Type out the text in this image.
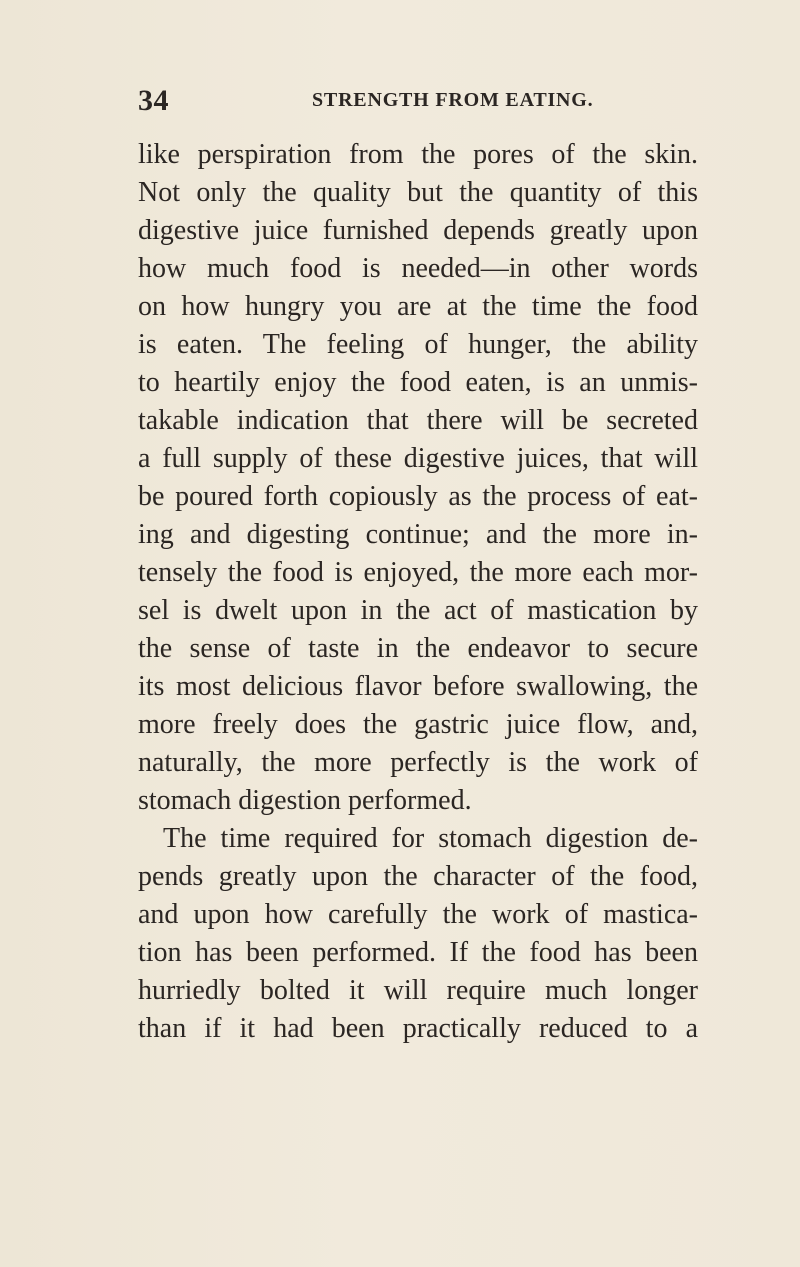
34	STRENGTH FROM EATING.
like perspiration from the pores of the skin.
Not only the quality but the quantity of this
digestive juice furnished depends greatly upon
how much food is needed—in other words
on how hungry you are at the time the food
is eaten. The feeling of hunger, the ability
to heartily enjoy the food eaten, is an unmis-
takable indication that there will be secreted
a full supply of these digestive juices, that will
be poured forth copiously as the process of eat-
ing and digesting continue; and the more in-
tensely the food is enjoyed, the more each mor-
sel is dwelt upon in the act of mastication by
the sense of taste in the endeavor to secure
its most delicious flavor before swallowing, the
more freely does the gastric juice flow, and,
naturally, the more perfectly is the work of
stomach digestion performed.
The time required for stomach digestion de-
pends greatly upon the character of the food,
and upon how carefully the work of mastica-
tion has been performed. If the food has been
hurriedly bolted it will require much longer
than if it had been practically reduced to a
